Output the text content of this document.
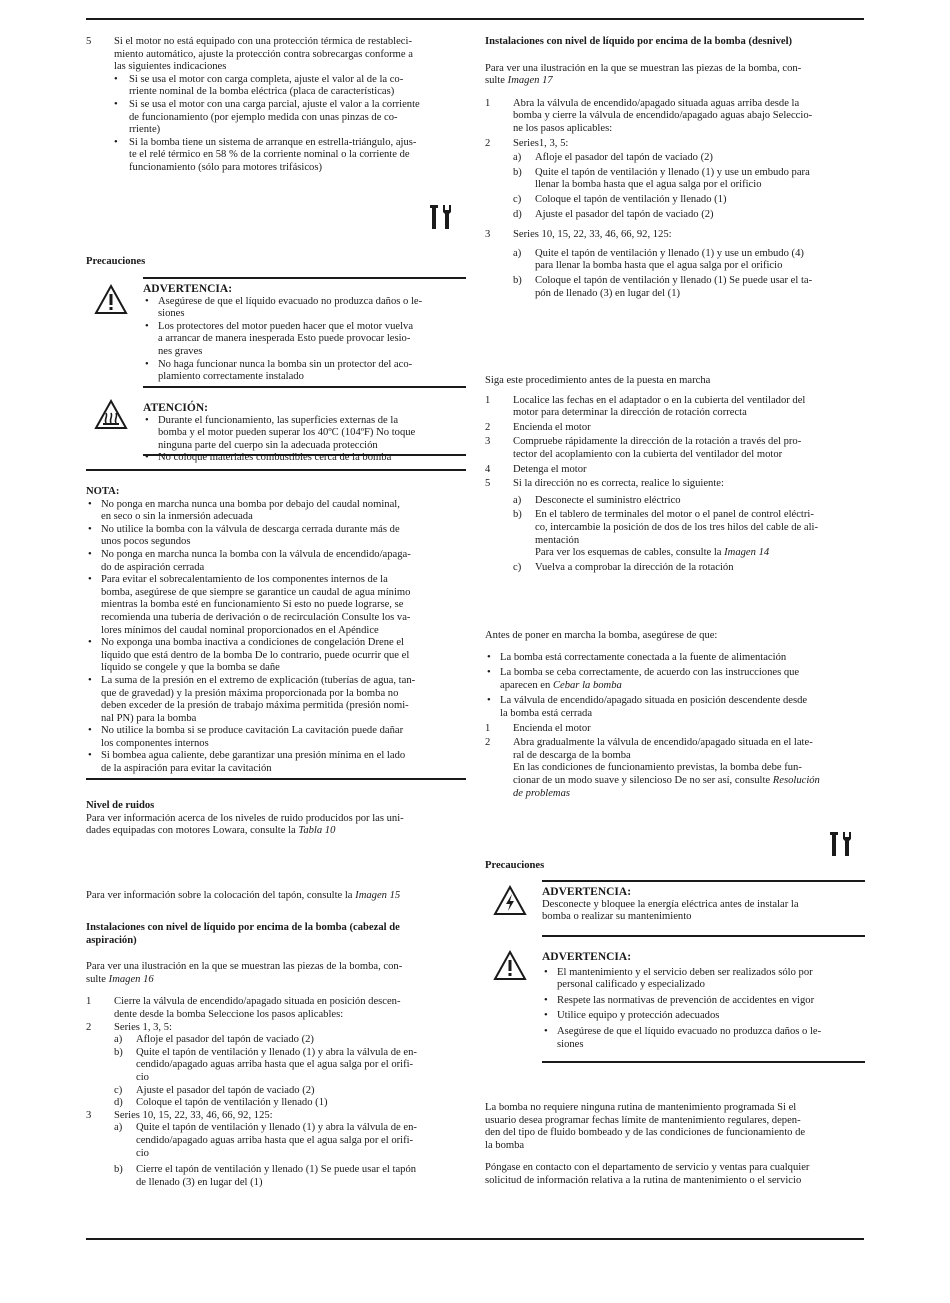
5 Si el motor no está equipado con una protección térmica de restableci-

miento automático, ajuste la protección contra sobrecargas conforme a

las siguientes indicaciones

• Si se usa el motor con carga completa, ajuste el valor al de la co-

rriente nominal de la bomba eléctrica (placa de características)

• Si se usa el motor con una carga parcial, ajuste el valor a la corriente

de funcionamiento (por ejemplo medida con unas pinzas de co-

rriente)

• Si la bomba tiene un sistema de arranque en estrella-triángulo, ajus-

te el relé térmico en 58 % de la corriente nominal o la corriente de

funcionamiento (sólo para motores trifásicos)

Precauciones

ADVERTENCIA:

• Asegúrese de que el líquido evacuado no produzca daños o le-

siones

• Los protectores del motor pueden hacer que el motor vuelva

a arrancar de manera inesperada Esto puede provocar lesio-

nes graves

• No haga funcionar nunca la bomba sin un protector del aco-

plamiento correctamente instalado

ATENCIÓN:

• Durante el funcionamiento, las superficies externas de la

bomba y el motor pueden superar los 40ºC (104ºF) No toque

ninguna parte del cuerpo sin la adecuada protección

• No coloque materiales combustibles cerca de la bomba

NOTA:

• No ponga en marcha nunca una bomba por debajo del caudal nominal,

en seco o sin la inmersión adecuada

• No utilice la bomba con la válvula de descarga cerrada durante más de

unos pocos segundos

• No ponga en marcha nunca la bomba con la válvula de encendido/apaga-

do de aspiración cerrada

• Para evitar el sobrecalentamiento de los componentes internos de la

bomba, asegúrese de que siempre se garantice un caudal de agua mínimo

mientras la bomba esté en funcionamiento Si esto no puede lograrse, se

recomienda una tubería de derivación o de recirculación Consulte los va-

lores mínimos del caudal nominal proporcionados en el Apéndice

• No exponga una bomba inactiva a condiciones de congelación Drene el

líquido que está dentro de la bomba De lo contrario, puede ocurrir que el

líquido se congele y que la bomba se dañe

• La suma de la presión en el extremo de explicación (tuberías de agua, tan-

que de gravedad) y la presión máxima proporcionada por la bomba no

deben exceder de la presión de trabajo máxima permitida (presión nomi-

nal PN) para la bomba

• No utilice la bomba si se produce cavitación La cavitación puede dañar

los componentes internos

• Si bombea agua caliente, debe garantizar una presión mínima en el lado

de la aspiración para evitar la cavitación

Nivel de ruidos

Para ver información acerca de los niveles de ruido producidos por las uni-

dades equipadas con motores Lowara, consulte la Tabla 10

Para ver información sobre la colocación del tapón, consulte la Imagen 15

Instalaciones con nivel de líquido por encima de la bomba (cabezal de

aspiración)

Para ver una ilustración en la que se muestran las piezas de la bomba, con-

sulte Imagen 16

1 Cierre la válvula de encendido/apagado situada en posición descen-

dente desde la bomba Seleccione los pasos aplicables:

2 Series 1, 3, 5:

a) Afloje el pasador del tapón de vaciado (2)

b) Quite el tapón de ventilación y llenado (1) y abra la válvula de en-

cendido/apagado aguas arriba hasta que el agua salga por el orifi-

cio

c) Ajuste el pasador del tapón de vaciado (2)

d) Coloque el tapón de ventilación y llenado (1)

3 Series 10, 15, 22, 33, 46, 66, 92, 125:

a) Quite el tapón de ventilación y llenado (1) y abra la válvula de en-

cendido/apagado aguas arriba hasta que el agua salga por el orifi-

cio

b) Cierre el tapón de ventilación y llenado (1) Se puede usar el tapón

de llenado (3) en lugar del (1)

Instalaciones con nivel de líquido por encima de la bomba (desnivel)

Para ver una ilustración en la que se muestran las piezas de la bomba, con-

sulte Imagen 17

1 Abra la válvula de encendido/apagado situada aguas arriba desde la

bomba y cierre la válvula de encendido/apagado aguas abajo Seleccio-

ne los pasos aplicables:

2 Series1, 3, 5:

a) Afloje el pasador del tapón de vaciado (2)

b) Quite el tapón de ventilación y llenado (1) y use un embudo para

llenar la bomba hasta que el agua salga por el orificio

c) Coloque el tapón de ventilación y llenado (1)

d) Ajuste el pasador del tapón de vaciado (2)

3 Series 10, 15, 22, 33, 46, 66, 92, 125:

a) Quite el tapón de ventilación y llenado (1) y use un embudo (4)

para llenar la bomba hasta que el agua salga por el orificio

b) Coloque el tapón de ventilación y llenado (1) Se puede usar el ta-

pón de llenado (3) en lugar del (1)

Siga este procedimiento antes de la puesta en marcha

1 Localice las fechas en el adaptador o en la cubierta del ventilador del

motor para determinar la dirección de rotación correcta

2 Encienda el motor

3 Compruebe rápidamente la dirección de la rotación a través del pro-

tector del acoplamiento con la cubierta del ventilador del motor

4 Detenga el motor

5 Si la dirección no es correcta, realice lo siguiente:

a) Desconecte el suministro eléctrico

b) En el tablero de terminales del motor o el panel de control eléctri-

co, intercambie la posición de dos de los tres hilos del cable de ali-

mentación

Para ver los esquemas de cables, consulte la Imagen 14

c) Vuelva a comprobar la dirección de la rotación

Antes de poner en marcha la bomba, asegúrese de que:

• La bomba está correctamente conectada a la fuente de alimentación

• La bomba se ceba correctamente, de acuerdo con las instrucciones que

aparecen en Cebar la bomba

• La válvula de encendido/apagado situada en posición descendente desde

la bomba está cerrada

1 Encienda el motor

2 Abra gradualmente la válvula de encendido/apagado situada en el late-

ral de descarga de la bomba

En las condiciones de funcionamiento previstas, la bomba debe fun-

cionar de un modo suave y silencioso De no ser así, consulte Resolución

de problemas

Precauciones

ADVERTENCIA:

Desconecte y bloquee la energía eléctrica antes de instalar la

bomba o realizar su mantenimiento

ADVERTENCIA:

• El mantenimiento y el servicio deben ser realizados sólo por

personal calificado y especializado

• Respete las normativas de prevención de accidentes en vigor

• Utilice equipo y protección adecuados

• Asegúrese de que el líquido evacuado no produzca daños o le-

siones

La bomba no requiere ninguna rutina de mantenimiento programada Si el

usuario desea programar fechas límite de mantenimiento regulares, depen-

den del tipo de fluido bombeado y de las condiciones de funcionamiento de

la bomba

Póngase en contacto con el departamento de servicio y ventas para cualquier

solicitud de información relativa a la rutina de mantenimiento o el servicio
